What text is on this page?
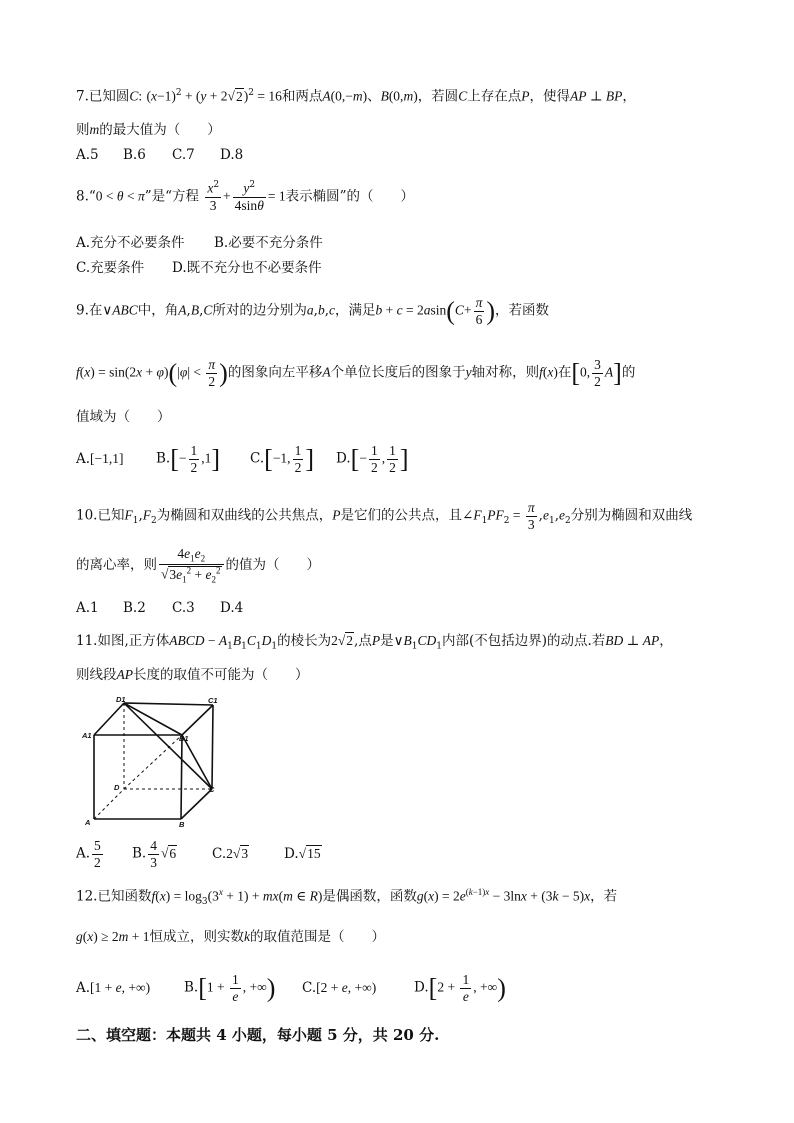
7.已知圆C: $(x-1)^2 + (y + 2√2)^2 = 16$和两点A(0,−m)、B(0,m)，若圆C上存在点P，使得AP ⊥ BP，
则m的最大值为（　　）
A.5 B.6 C.7 D.8
8.“0 < θ < π”是“方程 $\frac{x^2}{3} + \frac{y^2}{4\sin\theta} = 1$表示椭圆”的（　　）
A.充分不必要条件 B.必要不充分条件
C.充要条件 D.既不充分也不必要条件
9.在∨ABC中，角A,B,C所对的边分别为a,b,c，满足$b + c = 2asin(C+ \frac{\pi}{6}$ )，若函数
$f(x) = \sin(2x + \varphi)(|\varphi| < \frac{\pi}{2}$ )的图象向左平移A个单位长度后的图象于y轴对称，则f(x)在[0, $\frac{3}{2} A$]的
值域为（　　）
A.[−1,1] $B.[- \frac{1}{2} ,1]$ C.[−1, $\frac{1}{2}$ ] $D.[- \frac{1}{2}$ , $\frac{1}{2}$ ]
10.已知$F_1,F_2$为椭圆和双曲线的公共焦点，P是它们的公共点，且$\angle F_1PF_2 = \frac{\pi}{3} ,e_1,e_2$分别为椭圆和双曲线
的离心率，则 $\frac{4e_1e_2}{√3e_1^2 + e_2^2}$ 的值为（　　）
A.1 B.2 C.3 D.4
11.如图,正方体ABCD − $A_1B_1C_1D_1$的棱长为2√2,点P是$\vee B_1CD_1$内部(不包括边界)的动点.若BD ⊥ AP，
则线段AP长度的取值不可能为（　　）
D1	C1
A1	B1
D	C
A	B
A. $\frac{5}{2} B$. $\frac{4}{3} √6$	C.2√3	D.√15
12.已知函数$f(x) = \log_3(3^x + 1) + mx(m$ ∈ R)是偶函数，函数$g(x) = 2e^{(k-1)x} - 3\ln x + (3k - 5)x$，若
g(x) ≥ 2m + 1恒成立，则实数k的取值范围是（　　）
A.[1 + e, +∞)	$B.[1 + \frac{1}{e}$ , +∞) C.[2 + e, +∞)	$D.[2 + \frac{1}{e}$ , +∞)
二、填空题：本题共 4 小题，每小题 5 分，共 20 分.
